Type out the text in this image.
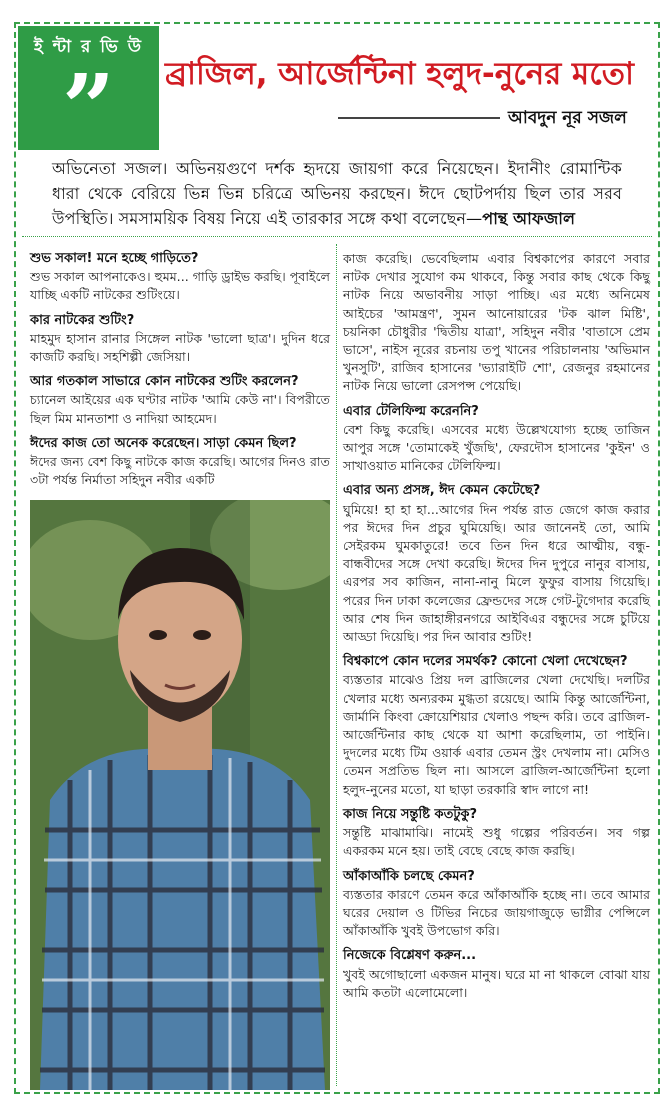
ই ন্টা র ভি উ
”	ব্রাজিল, আর্জেন্টিনা হলুদ-নুনের মতো
আবদুন নূর সজল
অভিনেতা সজল। অভিনয়গুণে দর্শক হৃদয়ে জায়গা করে নিয়েছেন। ইদানীং রোমান্টিক ধারা থেকে বেরিয়ে ভিন্ন ভিন্ন চরিত্রে অভিনয় করছেন। ঈদে ছোটপর্দায় ছিল তার সরব উপস্থিতি। সমসাময়িক বিষয় নিয়ে এই তারকার সঙ্গে কথা বলেছেন—পান্থ আফজাল
শুভ সকাল! মনে হচ্ছে গাড়িতে?
শুভ সকাল আপনাকেও। হুমম... গাড়ি ড্রাইভ করছি। পূবাইলে যাচ্ছি একটি নাটকের শুটিংয়ে।
কার নাটকের শুটিং?
মাহমুদ হাসান রানার সিঙ্গেল নাটক 'ভালো ছাত্র'। দুদিন ধরে কাজটি করছি। সহশিল্পী জেসিয়া।
আর গতকাল সাভারে কোন নাটকের শুটিং করলেন?
চ্যানেল আইয়ের এক ঘণ্টার নাটক 'আমি কেউ না'। বিপরীতে ছিল মিম মানতাশা ও নাদিয়া আহমেদ।
ঈদের কাজ তো অনেক করেছেন। সাড়া কেমন ছিল?
ঈদের জন্য বেশ কিছু নাটকে কাজ করেছি। আগের দিনও রাত ৩টা পর্যন্ত নির্মাতা সহিদুন নবীর একটি
কাজ করেছি। ভেবেছিলাম এবার বিশ্বকাপের কারণে সবার নাটক দেখার সুযোগ কম থাকবে, কিন্তু সবার কাছ থেকে কিছু নাটক নিয়ে অভাবনীয় সাড়া পাচ্ছি। এর মধ্যে অনিমেষ আইচের 'আমন্ত্রণ', সুমন আনোয়ারের 'টক ঝাল মিষ্টি', চয়নিকা চৌধুরীর 'দ্বিতীয় যাত্রা', সহিদুন নবীর 'বাতাসে প্রেম ভাসে', নাইস নূরের রচনায় তপু খানের পরিচালনায় 'অভিমান খুনসুটি', রাজিব হাসানের 'ভ্যারাইটি শো', রেজনুর রহমানের নাটক নিয়ে ভালো রেসপন্স পেয়েছি।
এবার টেলিফিল্ম করেননি?
বেশ কিছু করেছি। এসবের মধ্যে উল্লেখযোগ্য হচ্ছে তাজিন আপুর সঙ্গে 'তোমাকেই খুঁজছি', ফেরদৌস হাসানের 'কুইন' ও সাখাওয়াত মানিকের টেলিফিল্ম।
এবার অন্য প্রসঙ্গ, ঈদ কেমন কেটেছে?
ঘুমিয়ে! হা হা হা...আগের দিন পর্যন্ত রাত জেগে কাজ করার পর ঈদের দিন প্রচুর ঘুমিয়েছি। আর জানেনই তো, আমি সেইরকম ঘুমকাতুরে! তবে তিন দিন ধরে আত্মীয়, বন্ধু-বান্ধবীদের সঙ্গে দেখা করেছি। ঈদের দিন দুপুরে নানুর বাসায়, এরপর সব কাজিন, নানা-নানু মিলে ফুফুর বাসায় গিয়েছি। পরের দিন ঢাকা কলেজের ফ্রেন্ডদের সঙ্গে গেট-টুগেদার করেছি আর শেষ দিন জাহাঙ্গীরনগরে আইবিএর বন্ধুদের সঙ্গে চুটিয়ে আড্ডা দিয়েছি। পর দিন আবার শুটিং!
বিশ্বকাপে কোন দলের সমর্থক? কোনো খেলা দেখেছেন?
ব্যস্ততার মাঝেও প্রিয় দল ব্রাজিলের খেলা দেখেছি। দলটির খেলার মধ্যে অন্যরকম মুগ্ধতা রয়েছে। আমি কিন্তু আর্জেন্টিনা, জার্মানি কিংবা ক্রোয়েশিয়ার খেলাও পছন্দ করি। তবে ব্রাজিল-আর্জেন্টিনার কাছ থেকে যা আশা করেছিলাম, তা পাইনি। দুদলের মধ্যে টিম ওয়ার্ক এবার তেমন স্ট্রং দেখলাম না। মেসিও তেমন সপ্রতিভ ছিল না। আসলে ব্রাজিল-আর্জেন্টিনা হলো হলুদ-নুনের মতো, যা ছাড়া তরকারি স্বাদ লাগে না!
কাজ নিয়ে সন্তুষ্টি কতটুকু?
সন্তুষ্টি মাঝামাঝি। নামেই শুধু গল্পের পরিবর্তন। সব গল্প একরকম মনে হয়। তাই বেছে বেছে কাজ করছি।
আঁকাআঁকি চলছে কেমন?
ব্যস্ততার কারণে তেমন করে আঁকাআঁকি হচ্ছে না। তবে আমার ঘরের দেয়াল ও টিভির নিচের জায়গাজুড়ে ভাগ্নীর পেন্সিলে আঁকাআঁকি খুবই উপভোগ করি।
নিজেকে বিশ্লেষণ করুন...
খুবই অগোছালো একজন মানুষ। ঘরে মা না থাকলে বোঝা যায় আমি কতটা এলোমেলো।
